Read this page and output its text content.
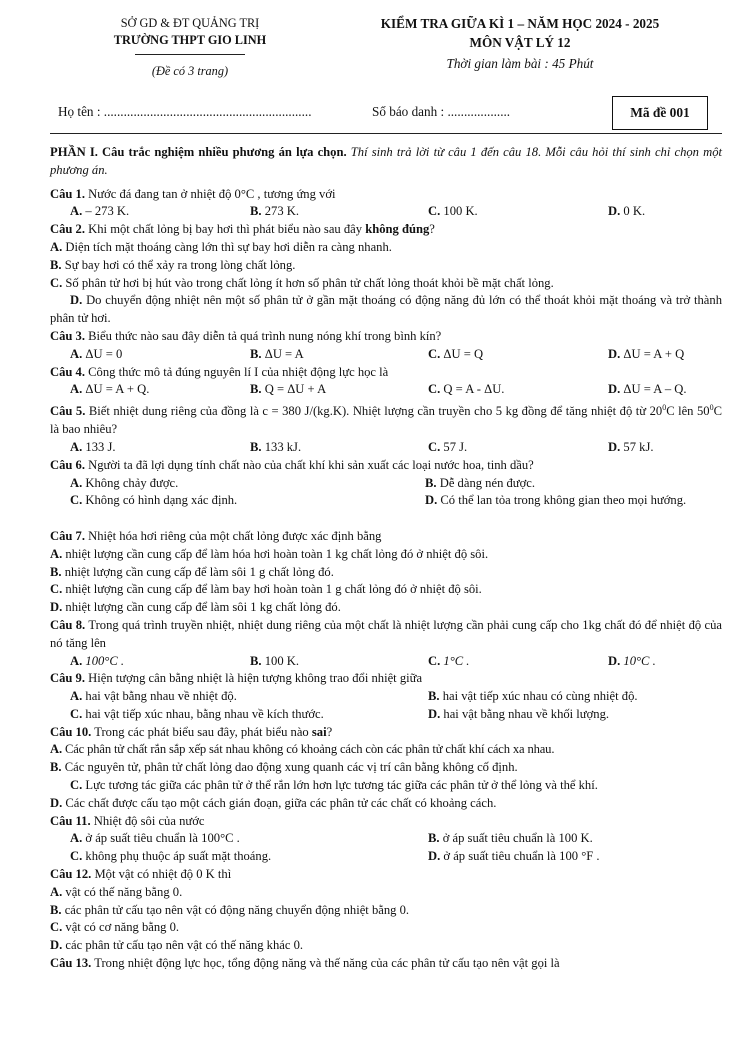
SỞ GD & ĐT QUẢNG TRỊ
TRƯỜNG THPT GIO LINH
(Đề có 3 trang)
KIỂM TRA GIỮA KÌ 1 – NĂM HỌC 2024 - 2025
MÔN VẬT LÝ 12
Thời gian làm bài : 45 Phút
Họ tên : ...............................................................	Số báo danh : ...................	Mã đề 001

PHẦN I. Câu trắc nghiệm nhiều phương án lựa chọn. Thí sinh trả lời từ câu 1 đến câu 18. Mỗi câu hỏi thí sinh chỉ chọn một phương án.

Câu 1. Nước đá đang tan ở nhiệt độ 0°C , tương ứng với

A. – 273 K.	B. 273 K.	C. 100 K.	D. 0 K.

Câu 2. Khi một chất lỏng bị bay hơi thì phát biểu nào sau đây không đúng?

A. Diện tích mặt thoáng càng lớn thì sự bay hơi diễn ra càng nhanh.

B. Sự bay hơi có thể xảy ra trong lòng chất lỏng.

C. Số phân tử hơi bị hút vào trong chất lỏng ít hơn số phân tử chất lỏng thoát khỏi bề mặt chất lỏng.

D. Do chuyển động nhiệt nên một số phân tử ở gần mặt thoáng có động năng đủ lớn có thể thoát khỏi mặt thoáng và trở thành phân tử hơi.

Câu 3. Biểu thức nào sau đây diễn tả quá trình nung nóng khí trong bình kín?

A. ΔU = 0	B. ΔU = A	C. ΔU = Q	D. ΔU = A + Q

Câu 4. Công thức mô tả đúng nguyên lí I của nhiệt động lực học là

A. ΔU = A + Q.	B. Q = ΔU + A	C. Q = A - ΔU.	D. ΔU = A – Q.

Câu 5. Biết nhiệt dung riêng của đồng là c = 380 J/(kg.K). Nhiệt lượng cần truyền cho 5 kg đồng để tăng nhiệt độ từ $20^0C$ lên $50^0C$ là bao nhiêu?

A. 133 J.	B. 133 kJ.	C. 57 J.	D. 57 kJ.

Câu 6. Người ta đã lợi dụng tính chất nào của chất khí khi sản xuất các loại nước hoa, tinh dầu?

A. Không chảy được.	B. Dễ dàng nén được.
C. Không có hình dạng xác định.	D. Có thể lan tỏa trong không gian theo mọi hướng.

Câu 7. Nhiệt hóa hơi riêng của một chất lỏng được xác định bằng

A. nhiệt lượng cần cung cấp để làm hóa hơi hoàn toàn 1 kg chất lỏng đó ở nhiệt độ sôi.

B. nhiệt lượng cần cung cấp để làm sôi 1 g chất lỏng đó.

C. nhiệt lượng cần cung cấp để làm bay hơi hoàn toàn 1 g chất lỏng đó ở nhiệt độ sôi.

D. nhiệt lượng cần cung cấp để làm sôi 1 kg chất lỏng đó.

Câu 8. Trong quá trình truyền nhiệt, nhiệt dung riêng của một chất là nhiệt lượng cần phải cung cấp cho 1kg chất đó để nhiệt độ của nó tăng lên

A. 100°C .	B. 100 K.	C. 1°C .	D. 10°C .

Câu 9. Hiện tượng cân bằng nhiệt là hiện tượng không trao đổi nhiệt giữa

A. hai vật bằng nhau về nhiệt độ.	B. hai vật tiếp xúc nhau có cùng nhiệt độ.
C. hai vật tiếp xúc nhau, bằng nhau về kích thước.	D. hai vật bằng nhau về khối lượng.

Câu 10. Trong các phát biểu sau đây, phát biểu nào sai?

A. Các phân tử chất rắn sắp xếp sát nhau không có khoảng cách còn các phân tử chất khí cách xa nhau.

B. Các nguyên tử, phân tử chất lỏng dao động xung quanh các vị trí cân bằng không cố định.

C. Lực tương tác giữa các phân tử ở thể rắn lớn hơn lực tương tác giữa các phân tử ở thể lỏng và thể khí.

D. Các chất được cấu tạo một cách gián đoạn, giữa các phân tử các chất có khoảng cách.

Câu 11. Nhiệt độ sôi của nước

A. ở áp suất tiêu chuẩn là 100°C .	B. ở áp suất tiêu chuẩn là 100 K.
C. không phụ thuộc áp suất mặt thoáng.	D. ở áp suất tiêu chuẩn là 100 °F .

Câu 12. Một vật có nhiệt độ 0 K thì

A. vật có thế năng bằng 0.

B. các phân tử cấu tạo nên vật có động năng chuyển động nhiệt bằng 0.

C. vật có cơ năng bằng 0.

D. các phân tử cấu tạo nên vật có thế năng khác 0.

Câu 13. Trong nhiệt động lực học, tổng động năng và thế năng của các phân tử cấu tạo nên vật gọi là
